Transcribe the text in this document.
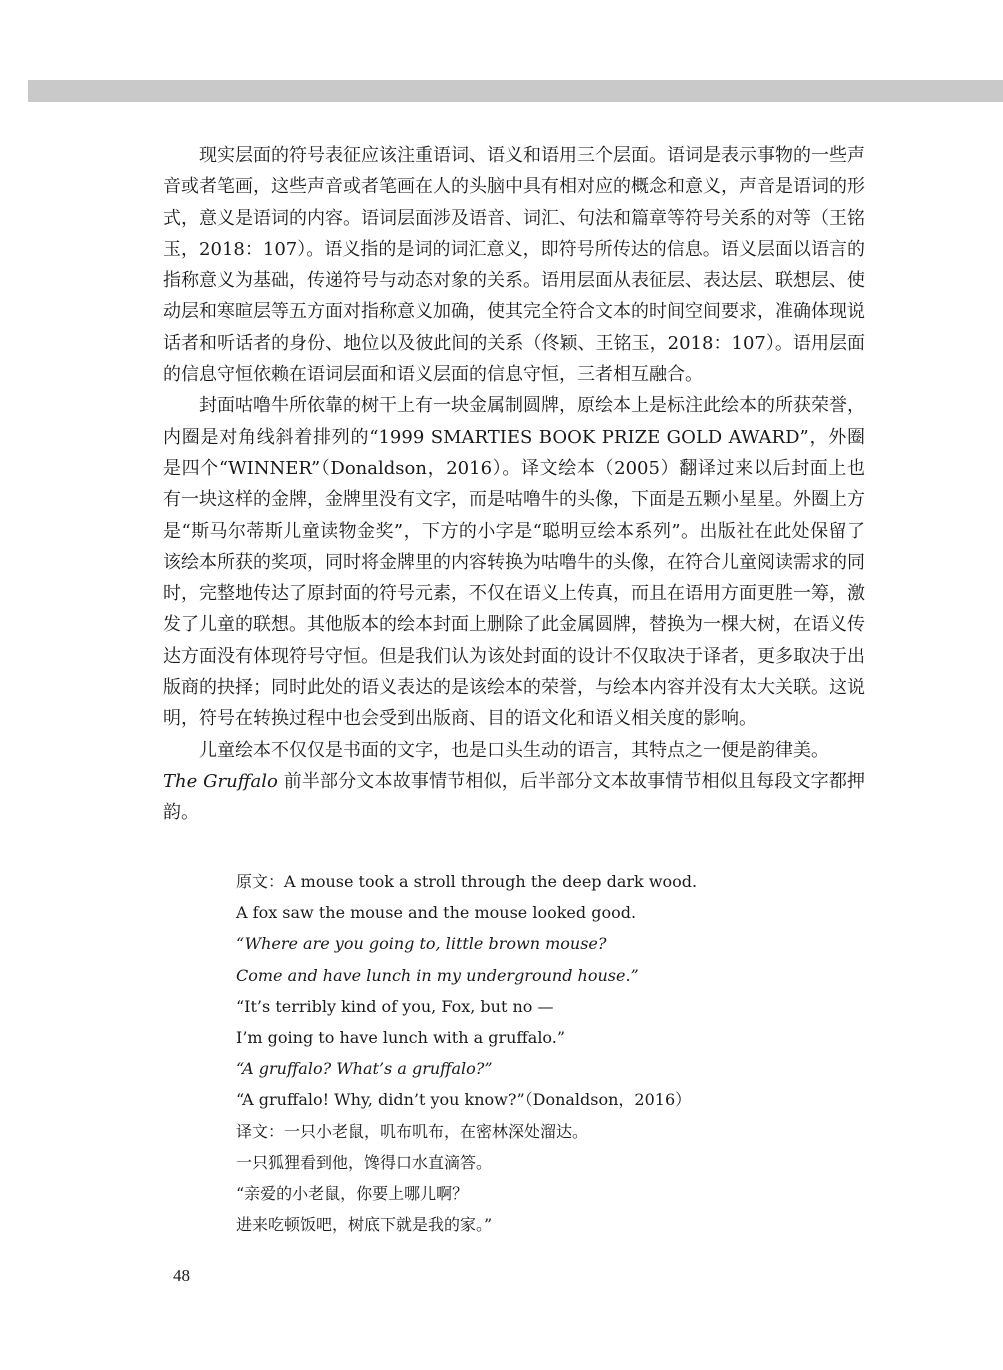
现实层面的符号表征应该注重语词、语义和语用三个层面。语词是表示事物的一些声音或者笔画，这些声音或者笔画在人的头脑中具有相对应的概念和意义，声音是语词的形式，意义是语词的内容。语词层面涉及语音、词汇、句法和篇章等符号关系的对等（王铭玉，2018：107）。语义指的是词的词汇意义，即符号所传达的信息。语义层面以语言的指称意义为基础，传递符号与动态对象的关系。语用层面从表征层、表达层、联想层、使动层和寒暄层等五方面对指称意义加确，使其完全符合文本的时间空间要求，准确体现说话者和听话者的身份、地位以及彼此间的关系（佟颖、王铭玉，2018：107）。语用层面的信息守恒依赖在语词层面和语义层面的信息守恒，三者相互融合。

封面咕噜牛所依靠的树干上有一块金属制圆牌，原绘本上是标注此绘本的所获荣誉，内圈是对角线斜着排列的“1999 SMARTIES BOOK PRIZE GOLD AWARD”，外圈是四个“WINNER”（Donaldson，2016）。译文绘本（2005）翻译过来以后封面上也有一块这样的金牌，金牌里没有文字，而是咕噜牛的头像，下面是五颗小星星。外圈上方是“斯马尔蒂斯儿童读物金奖”，下方的小字是“聪明豆绘本系列”。出版社在此处保留了该绘本所获的奖项，同时将金牌里的内容转换为咕噜牛的头像，在符合儿童阅读需求的同时，完整地传达了原封面的符号元素，不仅在语义上传真，而且在语用方面更胜一筹，激发了儿童的联想。其他版本的绘本封面上删除了此金属圆牌，替换为一棵大树，在语义传达方面没有体现符号守恒。但是我们认为该处封面的设计不仅取决于译者，更多取决于出版商的抉择；同时此处的语义表达的是该绘本的荣誉，与绘本内容并没有太大关联。这说明，符号在转换过程中也会受到出版商、目的语文化和语义相关度的影响。

儿童绘本不仅仅是书面的文字，也是口头生动的语言，其特点之一便是韵律美。

The Gruffalo 前半部分文本故事情节相似，后半部分文本故事情节相似且每段文字都押韵。

原文：A mouse took a stroll through the deep dark wood.
A fox saw the mouse and the mouse looked good.
“Where are you going to, little brown mouse?
Come and have lunch in my underground house.”
“It’s terribly kind of you, Fox, but no —
I’m going to have lunch with a gruffalo.”
“A gruffalo? What’s a gruffalo?”
“A gruffalo! Why, didn’t you know?”（Donaldson，2016）
译文：一只小老鼠，叽布叽布，在密林深处溜达。
一只狐狸看到他，馋得口水直滴答。
“亲爱的小老鼠，你要上哪儿啊？
进来吃顿饭吧，树底下就是我的家。”
48
